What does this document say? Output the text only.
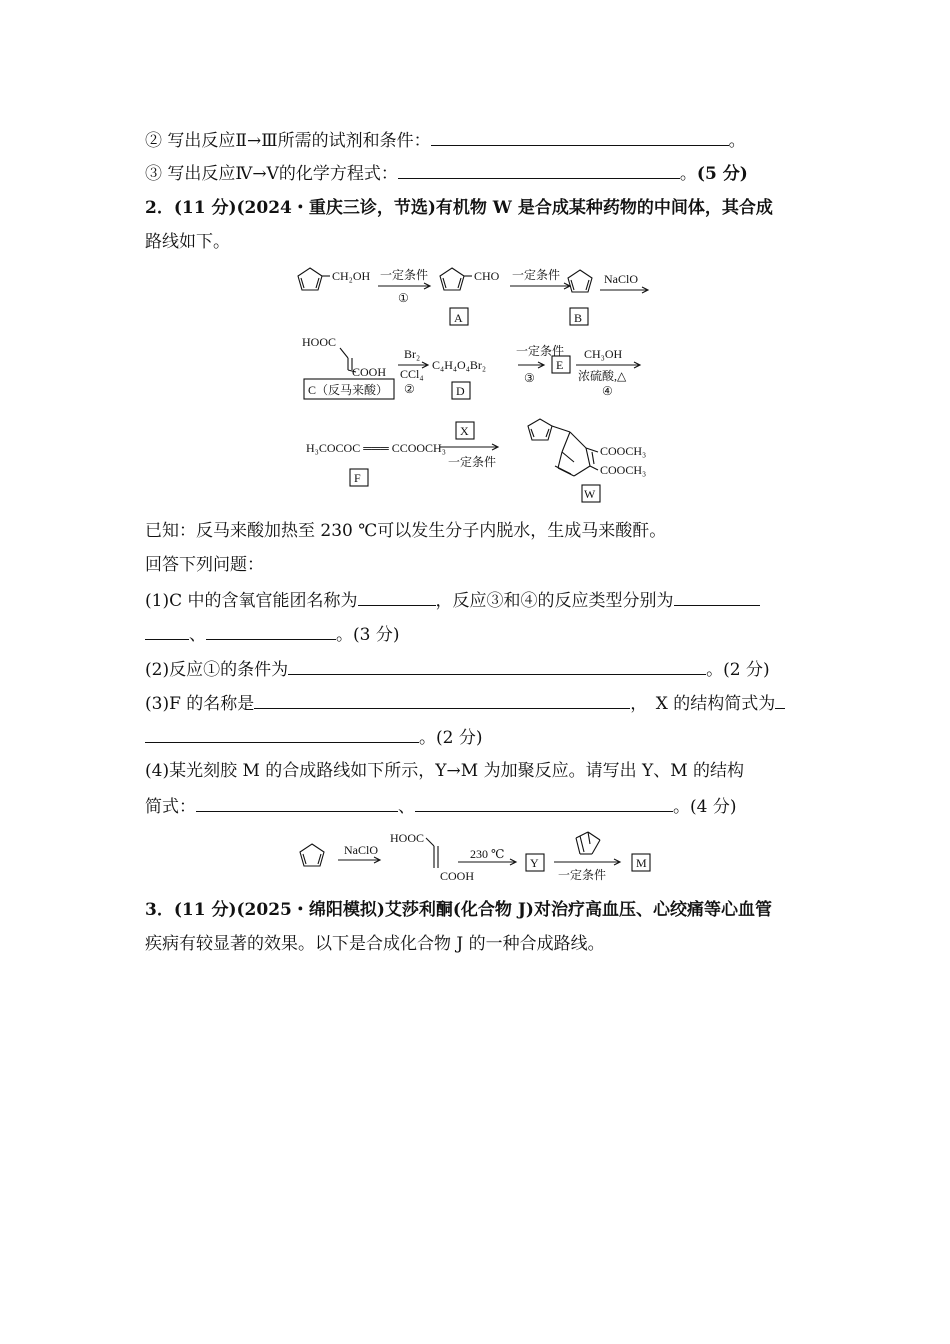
② 写出反应Ⅱ→Ⅲ所需的试剂和条件：	。
③ 写出反应Ⅳ→Ⅴ的化学方程式：	。(5 分)
2．(11 分)(2024・重庆三诊，节选)有机物 W 是合成某种药物的中间体，其合成
路线如下。
CH₂OH 一定条件
①
CHO
A
一定条件
B
NaClO
HOOC
COOH
C（反马来酸）
Br₂
CCl₄
②
C₄H₄O₄Br₂
D
一定条件
③
E
CH₃OH
浓硫酸,△
④
H₃COCOC ═══ CCOOCH₃
F
X
一定条件
COOCH₃
COOCH₃
W
已知：反马来酸加热至 230 ℃可以发生分子内脱水，生成马来酸酐。
回答下列问题：
(1)C 中的含氧官能团名称为	，反应③和④的反应类型分别为
、	。(3 分)
(2)反应①的条件为	。(2 分)
(3)F 的名称是	，　X 的结构简式为
。(2 分)
(4)某光刻胶 M 的合成路线如下所示，Y→M 为加聚反应。请写出 Y、M 的结构
简式：	、	。(4 分)
NaClO
HOOC
COOH
230 ℃
Y
一定条件
M
3．(11 分)(2025・绵阳模拟)艾莎利酮(化合物 J)对治疗高血压、心绞痛等心血管
疾病有较显著的效果。以下是合成化合物 J 的一种合成路线。
